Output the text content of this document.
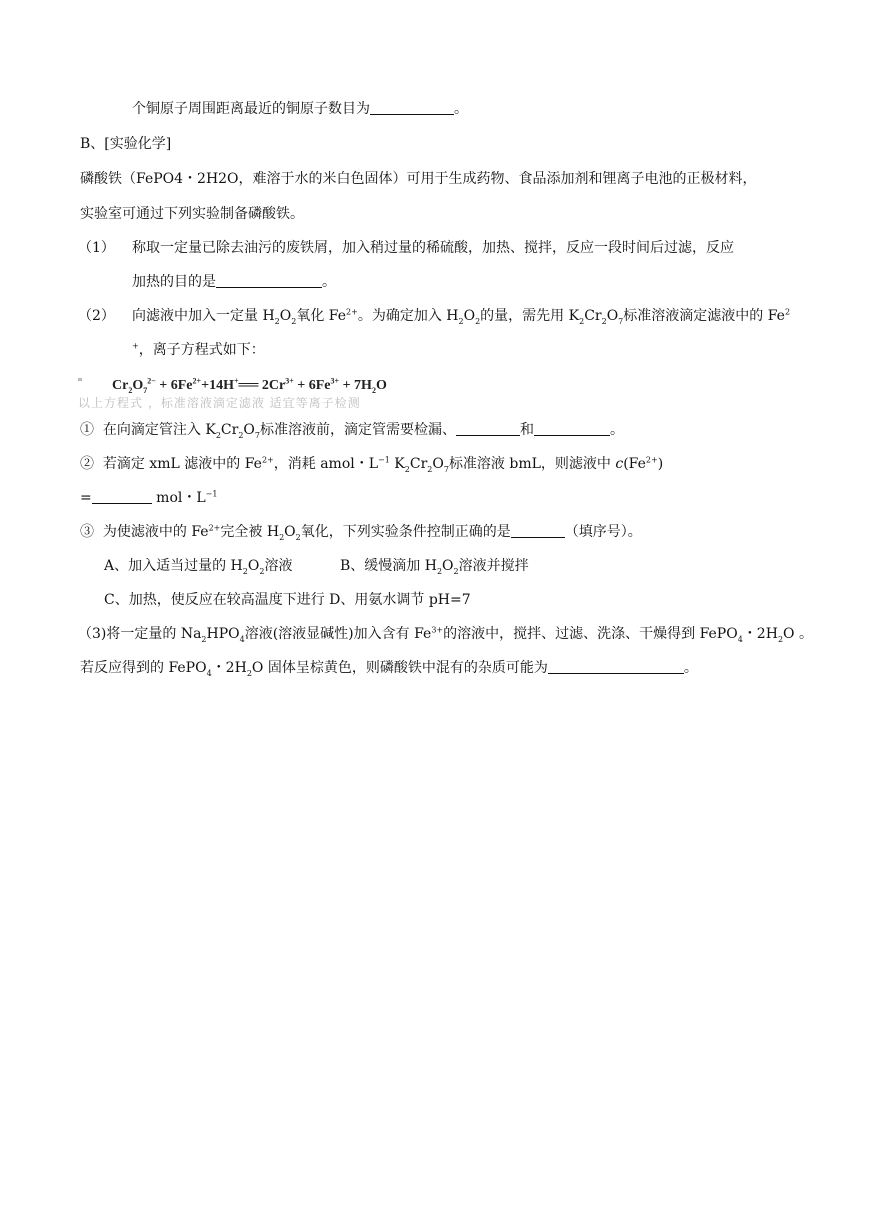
个铜原子周围距离最近的铜原子数目为	。
B、[实验化学]
磷酸铁（FePO4・2H2O，难溶于水的米白色固体）可用于生成药物、食品添加剂和锂离子电池的正极材料，
实验室可通过下列实验制备磷酸铁。
（1） 称取一定量已除去油污的废铁屑，加入稍过量的稀硫酸，加热、搅拌，反应一段时间后过滤，反应
加热的目的是	。
（2） 向滤液中加入一定量 $H_2O_2$氧化 $Fe^{2+}$。为确定加入 $H_2O_2$的量，需先用 $K_2Cr_2O_7$标准溶液滴定滤液中的 Fe$^2$
+，离子方程式如下：
以上方程式 ，标准溶液滴定滤液 适宜等离子检测
$Cr_2O_7^{2-}$ + $6Fe^{2+}+14H^+══$ $2Cr^{3+} + 6Fe^{3+} + 7H_2O$
① 在向滴定管注入 $K_2Cr_2O_7$标准溶液前，滴定管需要检漏、	和	。
② 若滴定 xmL 滤液中的 $Fe^{2+}$，消耗 amol・$L^{-1}$ $K_2Cr_2O_7$标准溶液 bmL，则滤液中 $c(Fe^{2+})$
=	mol・$L^{-1}$
③ 为使滤液中的 $Fe^{2+}$完全被 $H_2O_2$氧化，下列实验条件控制正确的是	（填序号）。
A、加入适当过量的 $H_2O_2$溶液	B、缓慢滴加 $H_2O_2$溶液并搅拌
C、加热，使反应在较高温度下进行 D、用氨水调节 pH=7
（3)将一定量的 $Na_2HPO_4$溶液(溶液显碱性)加入含有 $Fe^{3+}$的溶液中，搅拌、过滤、洗涤、干燥得到 FePO$_4$・$2H_2O$ 。
若反应得到的 FePO$_4$・$2H_2O$ 固体呈棕黄色，则磷酸铁中混有的杂质可能为	。
